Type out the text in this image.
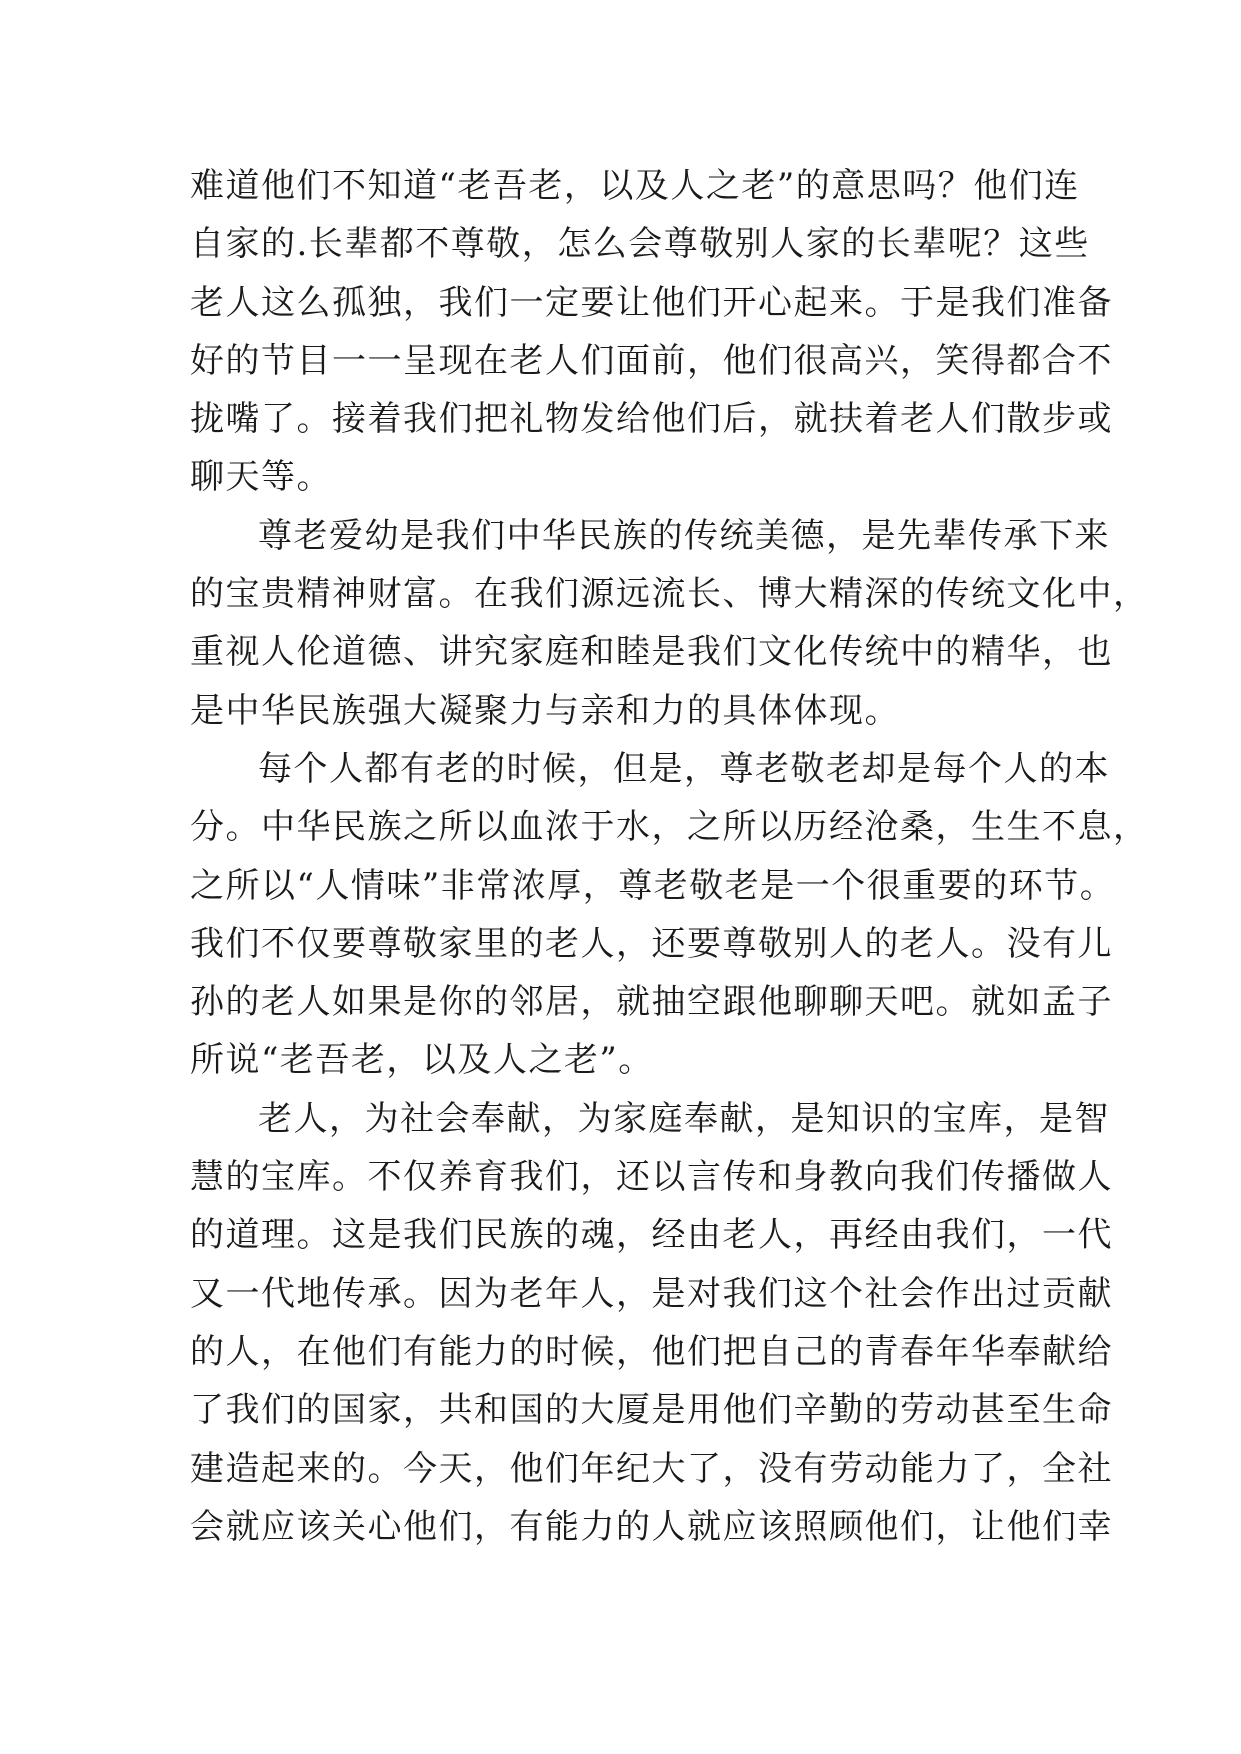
难道他们不知道“老吾老，以及人之老”的意思吗？他们连
自家的.长辈都不尊敬，怎么会尊敬别人家的长辈呢？这些
老人这么孤独，我们一定要让他们开心起来。于是我们准备
好的节目一一呈现在老人们面前，他们很高兴，笑得都合不
拢嘴了。接着我们把礼物发给他们后，就扶着老人们散步或
聊天等。
尊老爱幼是我们中华民族的传统美德，是先辈传承下来
的宝贵精神财富。在我们源远流长、博大精深的传统文化中，
重视人伦道德、讲究家庭和睦是我们文化传统中的精华，也
是中华民族强大凝聚力与亲和力的具体体现。
每个人都有老的时候，但是，尊老敬老却是每个人的本
分。中华民族之所以血浓于水，之所以历经沧桑，生生不息，
之所以“人情味”非常浓厚，尊老敬老是一个很重要的环节。
我们不仅要尊敬家里的老人，还要尊敬别人的老人。没有儿
孙的老人如果是你的邻居，就抽空跟他聊聊天吧。就如孟子
所说“老吾老，以及人之老”。
老人，为社会奉献，为家庭奉献，是知识的宝库，是智
慧的宝库。不仅养育我们，还以言传和身教向我们传播做人
的道理。这是我们民族的魂，经由老人，再经由我们，一代
又一代地传承。因为老年人，是对我们这个社会作出过贡献
的人，在他们有能力的时候，他们把自己的青春年华奉献给
了我们的国家，共和国的大厦是用他们辛勤的劳动甚至生命
建造起来的。今天，他们年纪大了，没有劳动能力了，全社
会就应该关心他们，有能力的人就应该照顾他们，让他们幸
